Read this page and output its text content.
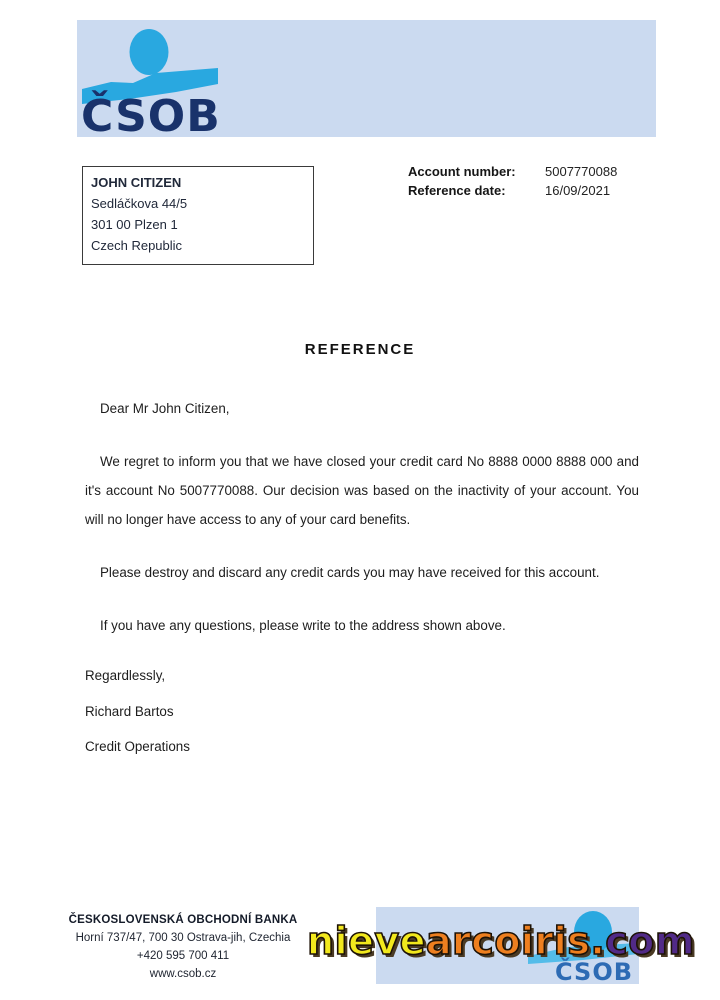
ČSOB
JOHN CITIZEN
Sedláčkova 44/5
301 00 Plzen 1
Czech Republic
Account number:	5007770088
Reference date:	16/09/2021
REFERENCE

Dear Mr John Citizen,

We regret to inform you that we have closed your credit card No 8888 0000 8888 000 and it's account No 5007770088. Our decision was based on the inactivity of your account. You will no longer have access to any of your card benefits.

Please destroy and discard any credit cards you may have received for this account.

If you have any questions, please write to the address shown above.

Regardlessly,

Richard Bartos

Credit Operations

ČESKOSLOVENSKÁ OBCHODNÍ BANKA
Horní 737/47, 700 30 Ostrava-jih, Czechia
+420 595 700 411
www.csob.cz	ČSOB
nievearcoiris.com
